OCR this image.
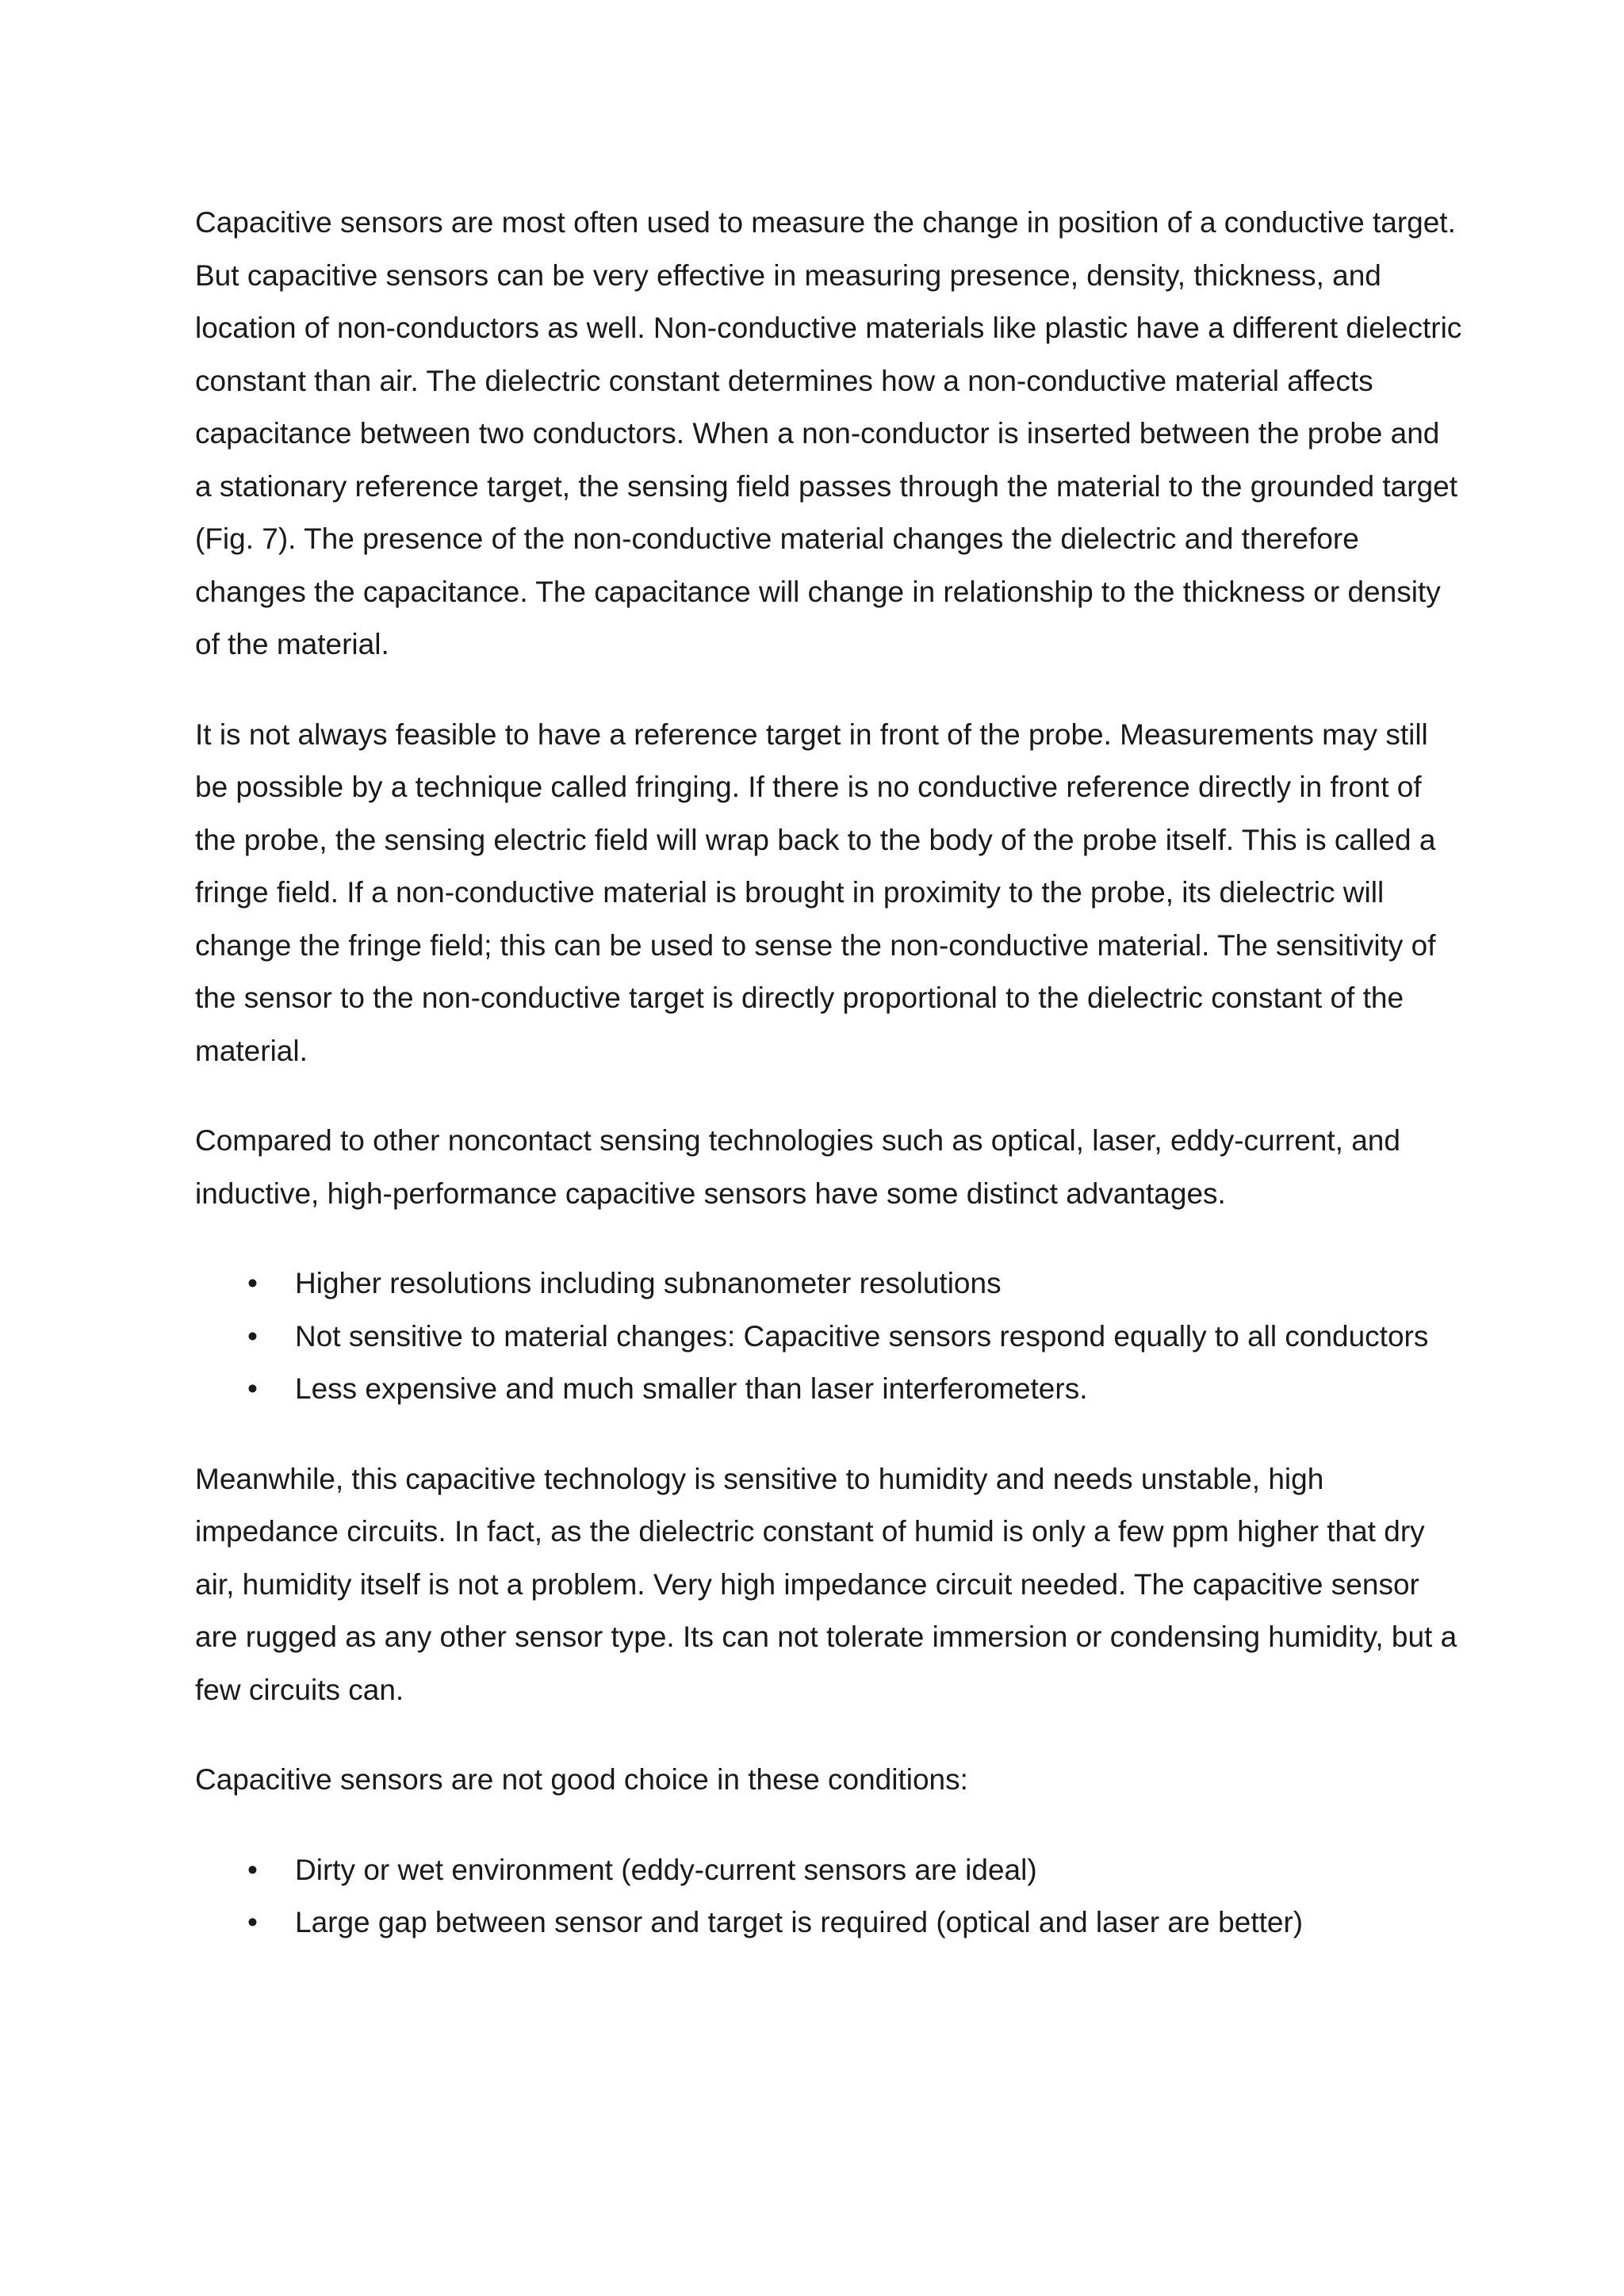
Capacitive sensors are most often used to measure the change in position of a conductive target. But capacitive sensors can be very effective in measuring presence, density, thickness, and location of non-conductors as well. Non-conductive materials like plastic have a different dielectric constant than air. The dielectric constant determines how a non-conductive material affects capacitance between two conductors. When a non-conductor is inserted between the probe and a stationary reference target, the sensing field passes through the material to the grounded target (Fig. 7). The presence of the non-conductive material changes the dielectric and therefore changes the capacitance. The capacitance will change in relationship to the thickness or density of the material.

It is not always feasible to have a reference target in front of the probe. Measurements may still be possible by a technique called fringing. If there is no conductive reference directly in front of the probe, the sensing electric field will wrap back to the body of the probe itself. This is called a fringe field. If a non-conductive material is brought in proximity to the probe, its dielectric will change the fringe field; this can be used to sense the non-conductive material. The sensitivity of the sensor to the non-conductive target is directly proportional to the dielectric constant of the material.

Compared to other noncontact sensing technologies such as optical, laser, eddy-current, and inductive, high-performance capacitive sensors have some distinct advantages.

•	Higher resolutions including subnanometer resolutions
•	Not sensitive to material changes: Capacitive sensors respond equally to all conductors
•	Less expensive and much smaller than laser interferometers.

Meanwhile, this capacitive technology is sensitive to humidity and needs unstable, high impedance circuits. In fact, as the dielectric constant of humid is only a few ppm higher that dry air, humidity itself is not a problem. Very high impedance circuit needed. The capacitive sensor are rugged as any other sensor type. Its can not tolerate immersion or condensing humidity, but a few circuits can.

Capacitive sensors are not good choice in these conditions:

•	Dirty or wet environment (eddy-current sensors are ideal)
•	Large gap between sensor and target is required (optical and laser are better)
